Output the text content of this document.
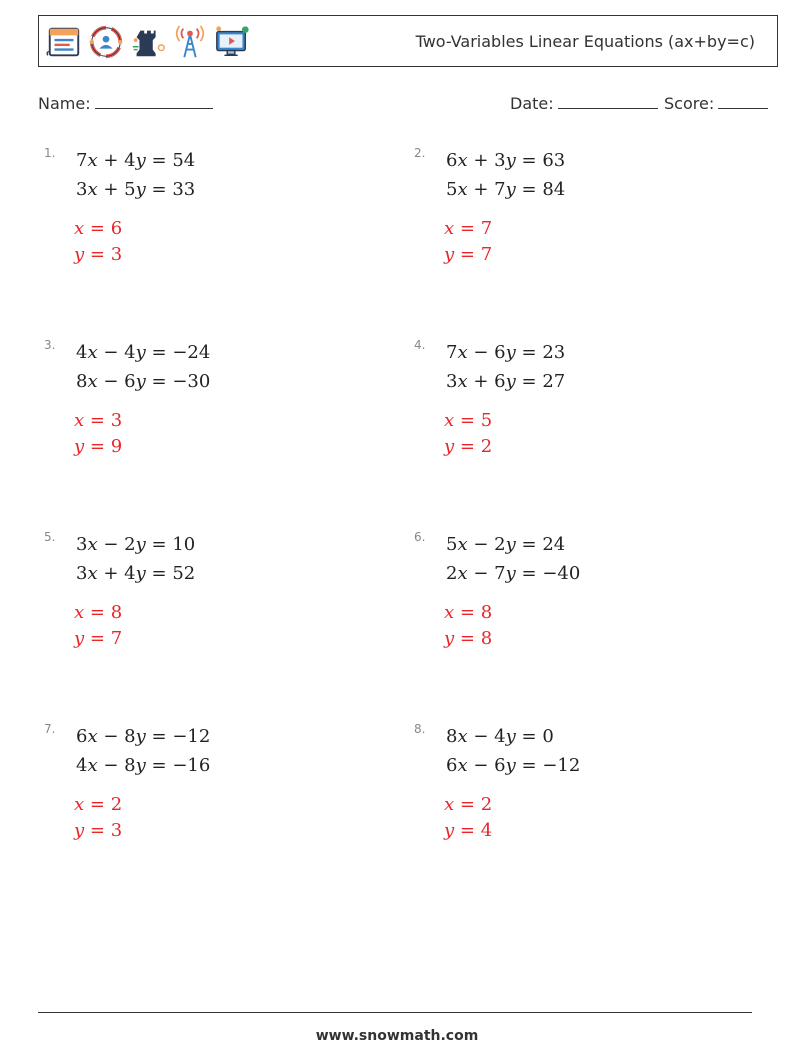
Two-Variables Linear Equations (ax+by=c)
Name:	Date:	Score:
1. 7x + 4y = 54
3x + 5y = 33
x = 6
y = 3
2. 6x + 3y = 63
5x + 7y = 84
x = 7
y = 7
3. 4x − 4y = −24
8x − 6y = −30
x = 3
y = 9
4. 7x − 6y = 23
3x + 6y = 27
x = 5
y = 2
5. 3x − 2y = 10
3x + 4y = 52
x = 8
y = 7
6. 5x − 2y = 24
2x − 7y = −40
x = 8
y = 8
7. 6x − 8y = −12
4x − 8y = −16
x = 2
y = 3
8. 8x − 4y = 0
6x − 6y = −12
x = 2
y = 4
www.snowmath.com
